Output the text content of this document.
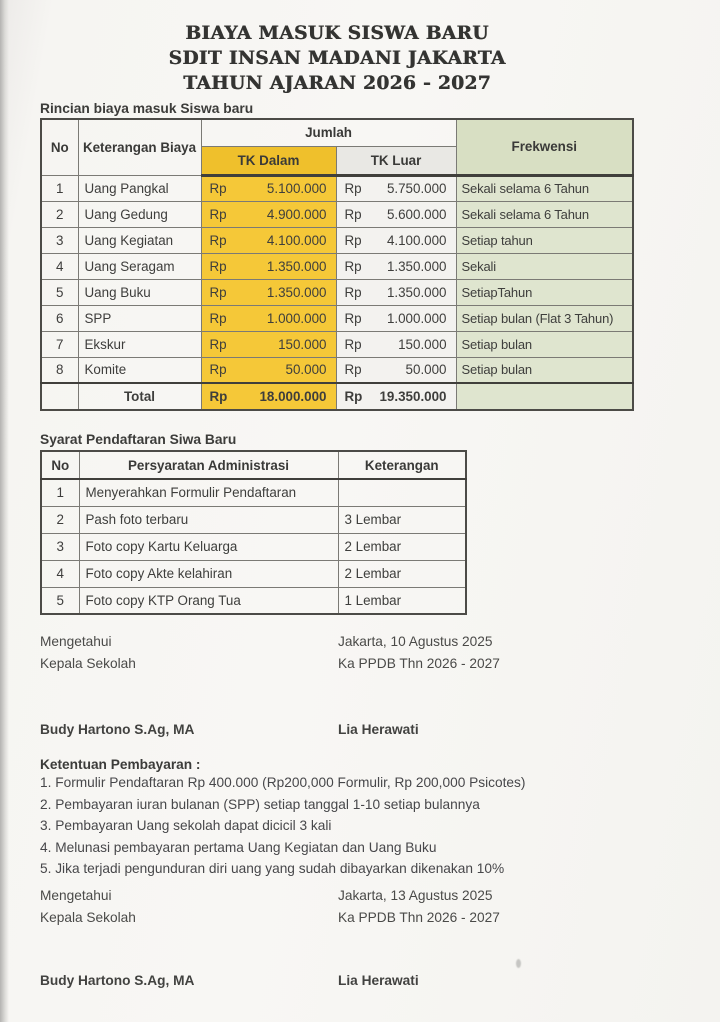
BIAYA MASUK SISWA BARU
SDIT INSAN MADANI JAKARTA
TAHUN AJARAN 2026 - 2027
Rincian biaya masuk Siswa baru
No	Keterangan Biaya	Jumlah		Frekwensi
		TK Dalam	TK Luar	
1	Uang Pangkal	Rp 5.100.000	Rp 5.750.000	Sekali selama 6 Tahun
2	Uang Gedung	Rp 4.900.000	Rp 5.600.000	Sekali selama 6 Tahun
3	Uang Kegiatan	Rp 4.100.000	Rp 4.100.000	Setiap tahun
4	Uang Seragam	Rp 1.350.000	Rp 1.350.000	Sekali
5	Uang Buku	Rp 1.350.000	Rp 1.350.000	SetiapTahun
6	SPP	Rp 1.000.000	Rp 1.000.000	Setiap bulan (Flat 3 Tahun)
7	Ekskur	Rp 150.000	Rp 150.000	Setiap bulan
8	Komite	Rp 50.000	Rp 50.000	Setiap bulan
	Total	Rp 18.000.000	Rp 19.350.000	

Syarat Pendaftaran Siwa Baru
No	Persyaratan Administrasi	Keterangan
1	Menyerahkan Formulir Pendaftaran	
2	Pash foto terbaru	3 Lembar
3	Foto copy Kartu Keluarga	2 Lembar
4	Foto copy Akte kelahiran	2 Lembar
5	Foto copy KTP Orang Tua	1 Lembar
Mengetahui
Kepala Sekolah
Jakarta, 10 Agustus 2025
Ka PPDB Thn 2026 - 2027
Budy Hartono S.Ag, MA	Lia Herawati
Ketentuan Pembayaran :
1. Formulir Pendaftaran Rp 400.000 (Rp200,000 Formulir, Rp 200,000 Psicotes)
2. Pembayaran iuran bulanan (SPP) setiap tanggal 1-10 setiap bulannya
3. Pembayaran Uang sekolah dapat dicicil 3 kali
4. Melunasi pembayaran pertama Uang Kegiatan dan Uang Buku
5. Jika terjadi pengunduran diri uang yang sudah dibayarkan dikenakan 10%
Mengetahui
Kepala Sekolah
Jakarta, 13 Agustus 2025
Ka PPDB Thn 2026 - 2027
Budy Hartono S.Ag, MA	Lia Herawati
